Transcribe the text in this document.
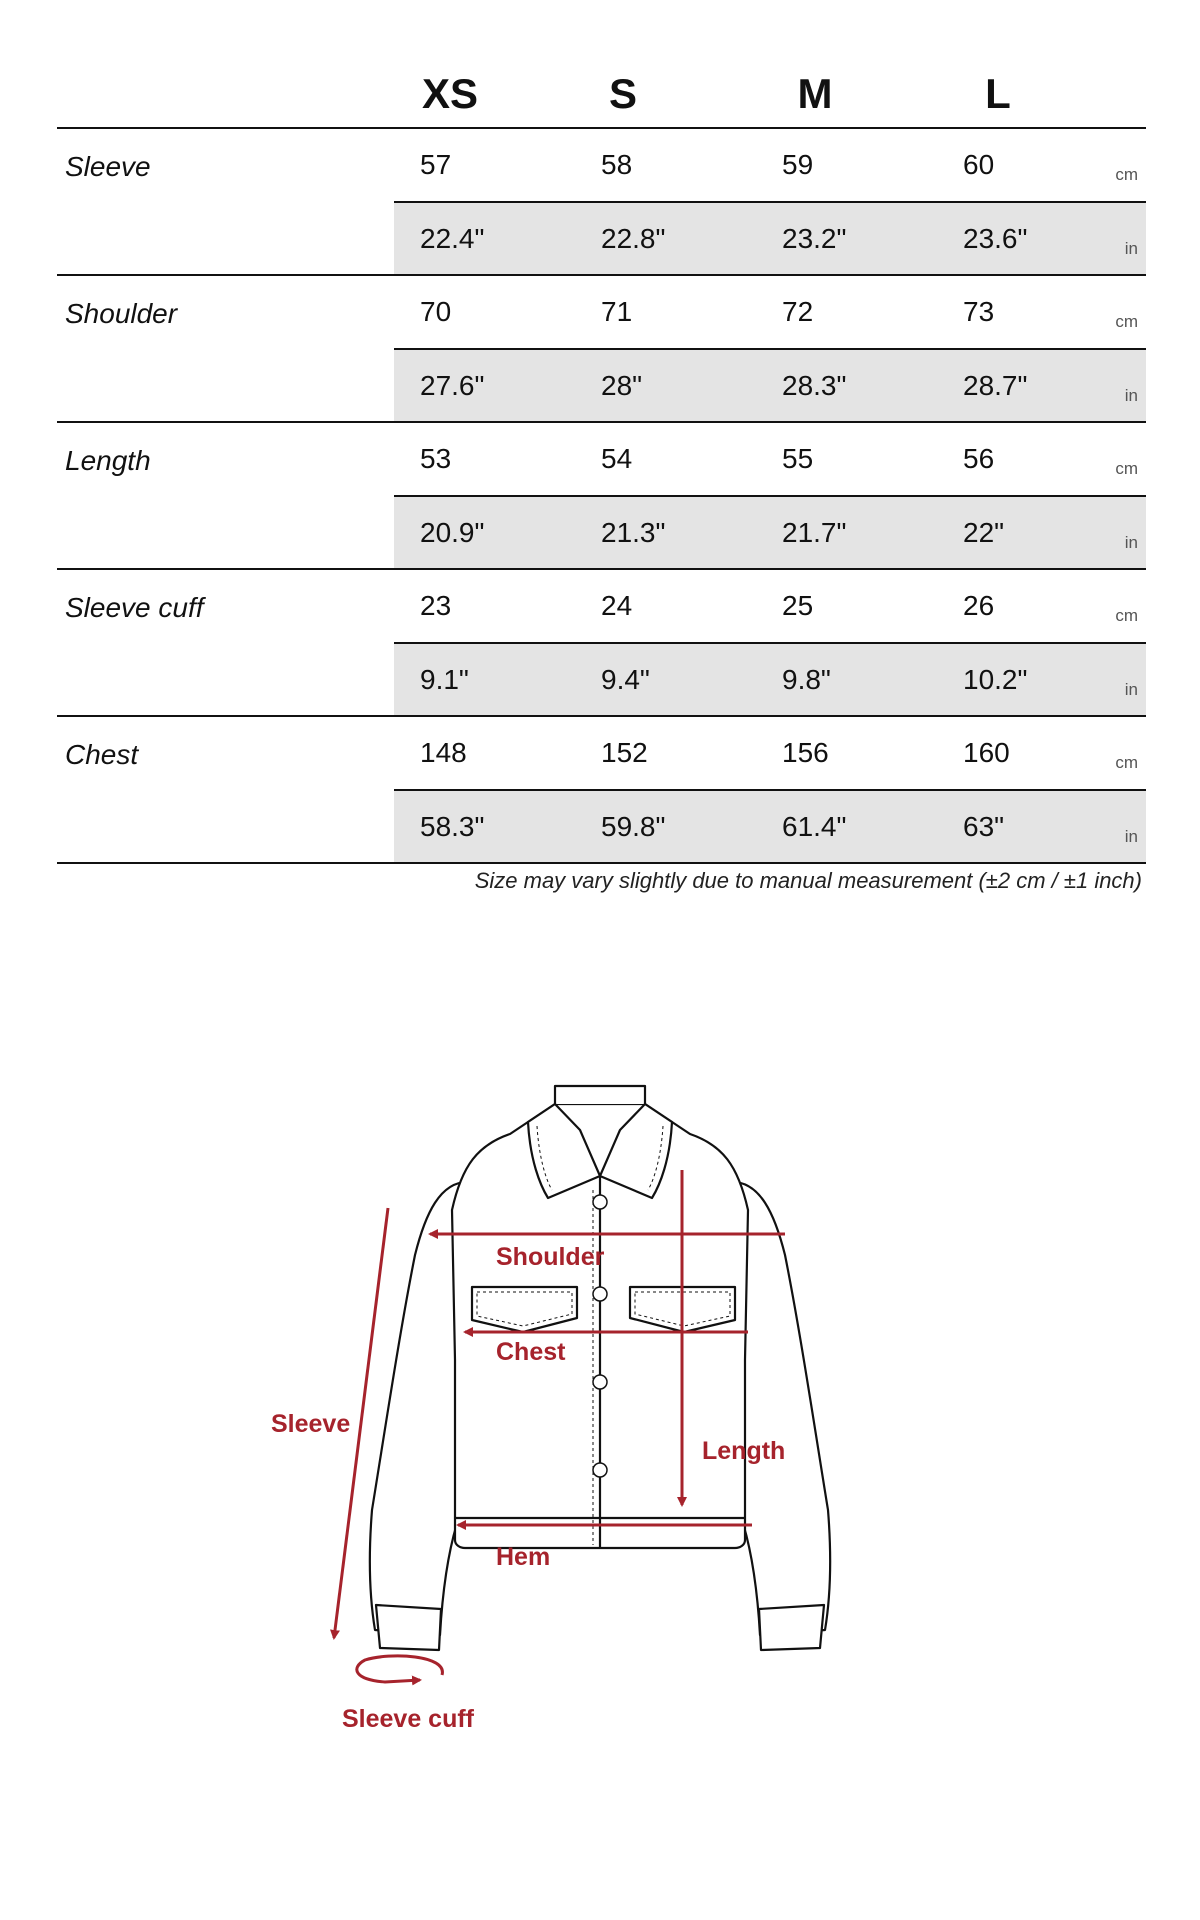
XS	S	M	L
Sleeve	57	58	59	60	cm
22.4"	22.8"	23.2"	23.6"	in
Shoulder	70	71	72	73	cm
27.6"	28"	28.3"	28.7"	in
Length	53	54	55	56	cm
20.9"	21.3"	21.7"	22"	in
Sleeve cuff	23	24	25	26	cm
9.1"	9.4"	9.8"	10.2"	in
Chest	148	152	156	160	cm
58.3"	59.8"	61.4"	63"	in
Size may vary slightly due to manual measurement (±2 cm / ±1 inch)
Shoulder
Chest
Sleeve
Length
Hem
Sleeve cuff
